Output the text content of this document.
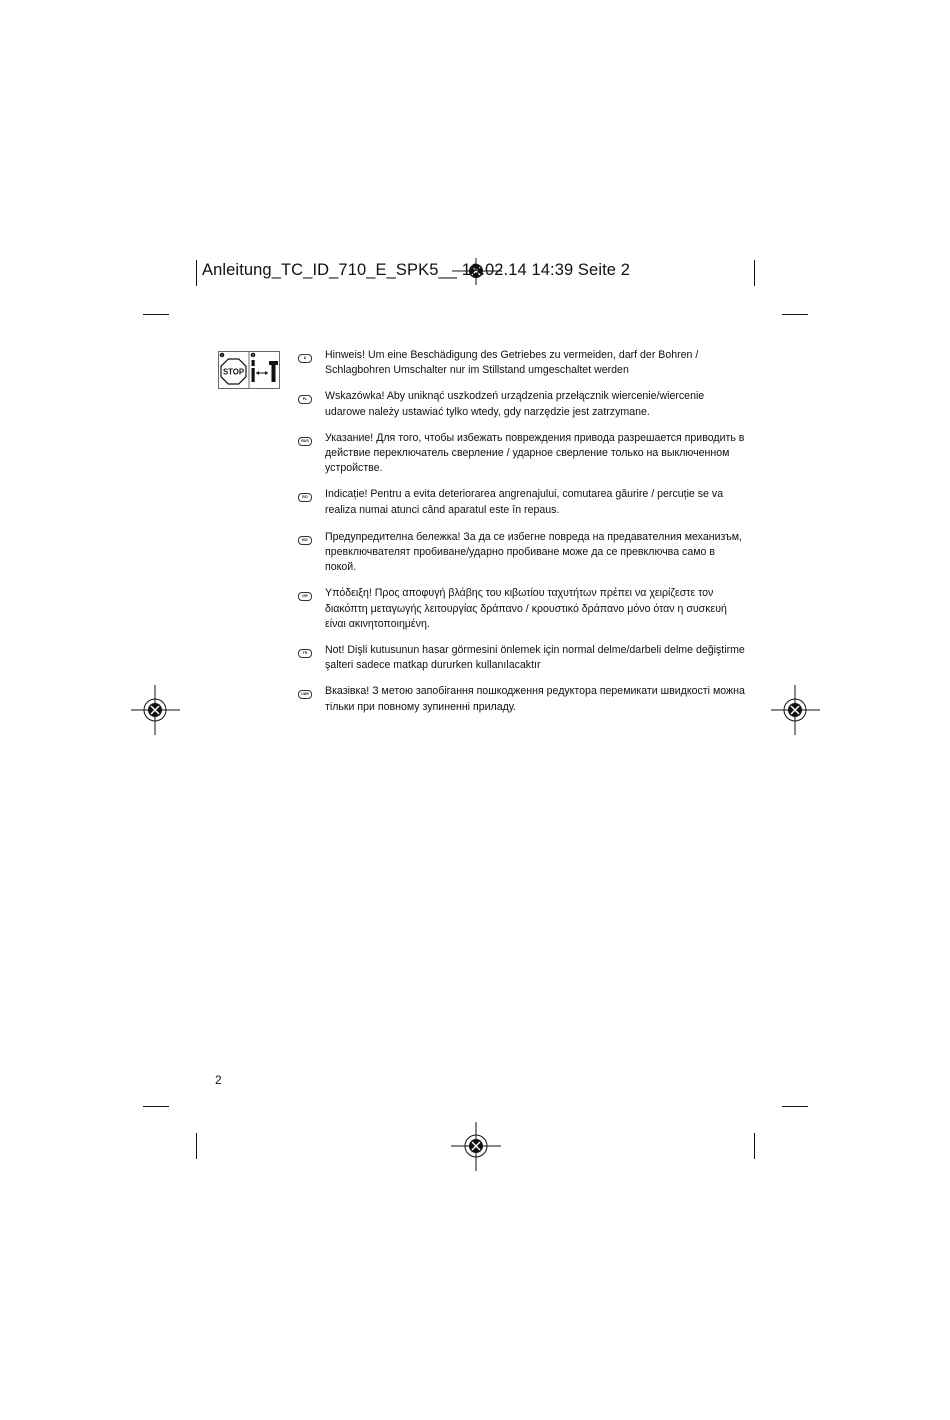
Anleitung_TC_ID_710_E_SPK5__ 19.02.14 14:39 Seite 2
1	2
STOP
D	Hinweis! Um eine Beschädigung des Getriebes zu vermeiden, darf der Bohren / Schlagbohren Umschalter nur im Stillstand umgeschaltet werden
PL	Wskazówka! Aby uniknąć uszkodzeń urządzenia przełącznik wiercenie/wiercenie udarowe należy ustawiać tylko wtedy, gdy narzędzie jest zatrzymane.
RUS	Указание! Для того, чтобы избежать повреждения привода разрешается приводить в действие переключатель сверление / ударное сверление только на выключенном устройстве.
RO	Indicație! Pentru a evita deteriorarea angrenajului, comutarea găurire / percuție se va realiza numai atunci când aparatul este în repaus.
BG	Предупредителна бележка! За да се избегне повреда на предавателния механизъм, превключвателят пробиване/ударно пробиване може да се превключва само в покой.
GR	Υπόδειξη! Προς αποφυγή βλάβης του κιβωτίου ταχυτήτων πρέπει να χειρίζεστε τον διακόπτη μεταγωγής λειτουργίας δράπανο / κρουστικό δράπανο μόνο όταν η συσκευή είναι ακινητοποιημένη.
TR	Not! Dişli kutusunun hasar görmesini önlemek için normal delme/darbeli delme değiştirme şalteri sadece matkap dururken kullanılacaktır
UKR Вказівка! З метою запобігання пошкодження редуктора перемикати швидкості можна тільки при повному зупиненні приладу.
2
